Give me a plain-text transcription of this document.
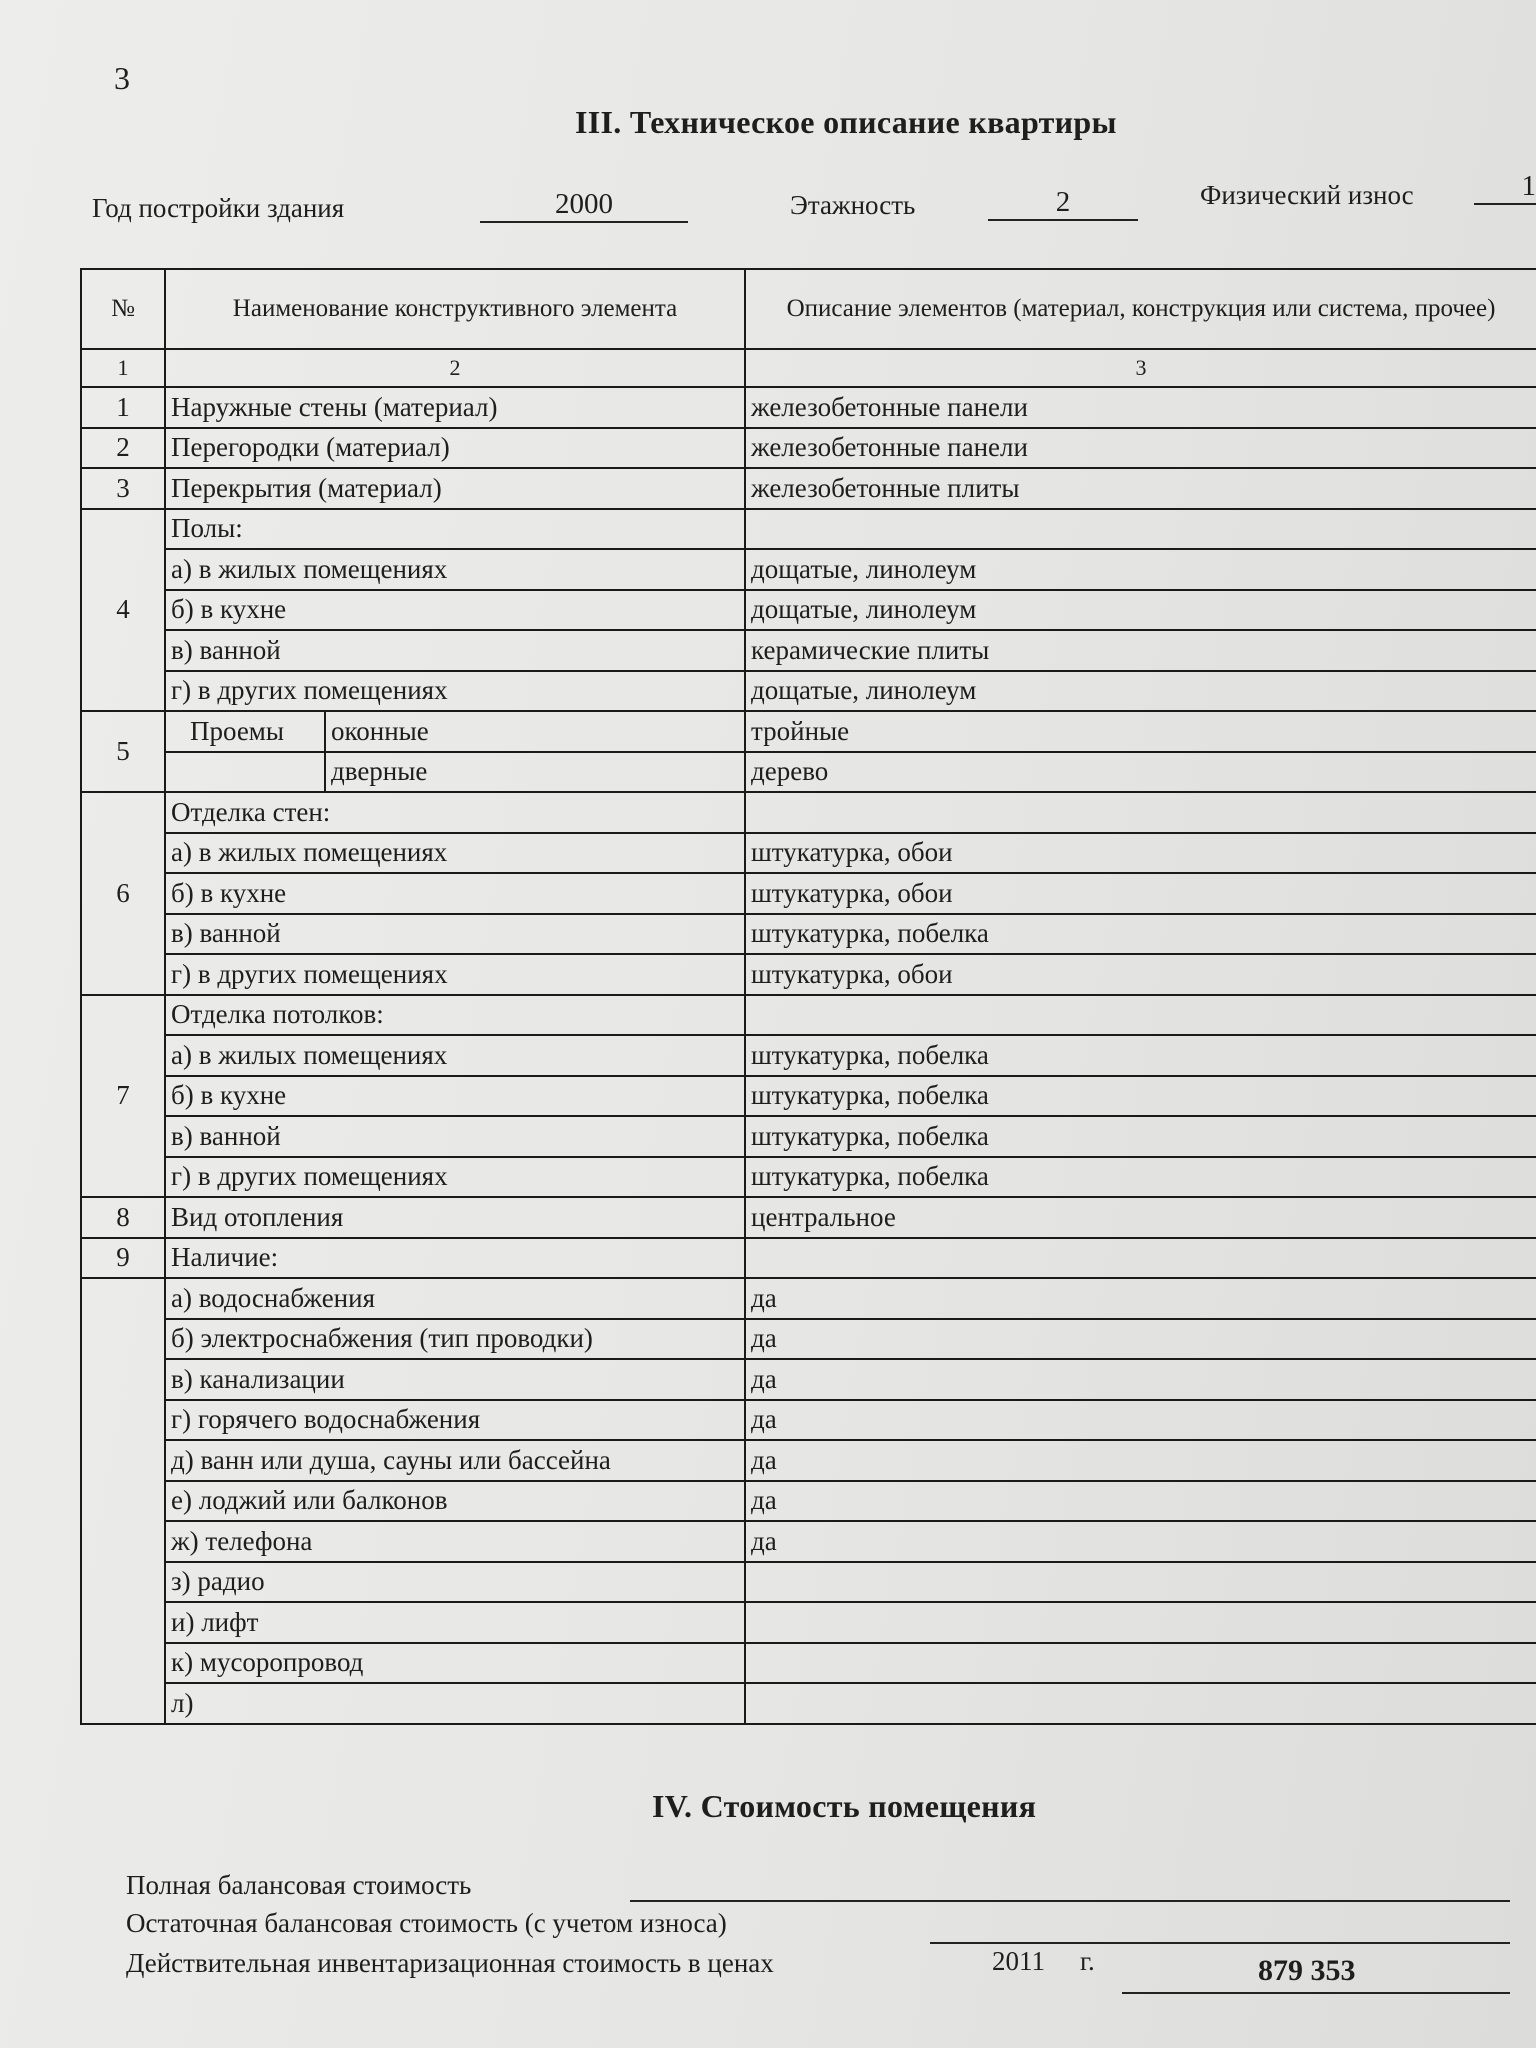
3
III. Техническое описание квартиры
Год постройки здания	2000	Этажность	2	Физический износ	1
№	Наименование конструктивного элемента		Описание элементов (материал, конструкция или система, прочее)
1	2		3
1	Наружные стены (материал)		железобетонные панели
2	Перегородки (материал)		железобетонные панели
3	Перекрытия (материал)		железобетонные плиты
4	Полы:		
	а) в жилых помещениях		дощатые, линолеум
	б) в кухне		дощатые, линолеум
	в) ванной		керамические плиты
	г) в других помещениях		дощатые, линолеум
5	Проемы	оконные	тройные
		дверные	дерево
6	Отделка стен:		
	а) в жилых помещениях		штукатурка, обои
	б) в кухне		штукатурка, обои
	в) ванной		штукатурка, побелка
	г) в других помещениях		штукатурка, обои
7	Отделка потолков:		
	а) в жилых помещениях		штукатурка, побелка
	б) в кухне		штукатурка, побелка
	в) ванной		штукатурка, побелка
	г) в других помещениях		штукатурка, побелка
8	Вид отопления		центральное
9	Наличие:		
	а) водоснабжения		да
	б) электроснабжения (тип проводки)		да
	в) канализации		да
	г) горячего водоснабжения		да
	д) ванн или душа, сауны или бассейна		да
	е) лоджий или балконов		да
	ж) телефона		да
	з) радио		
	и) лифт		
	к) мусоропровод		
	л)		
IV. Стоимость помещения
Полная балансовая стоимость
Остаточная балансовая стоимость (с учетом износа)
Действительная инвентаризационная стоимость в ценах	2011 г.	879 353
